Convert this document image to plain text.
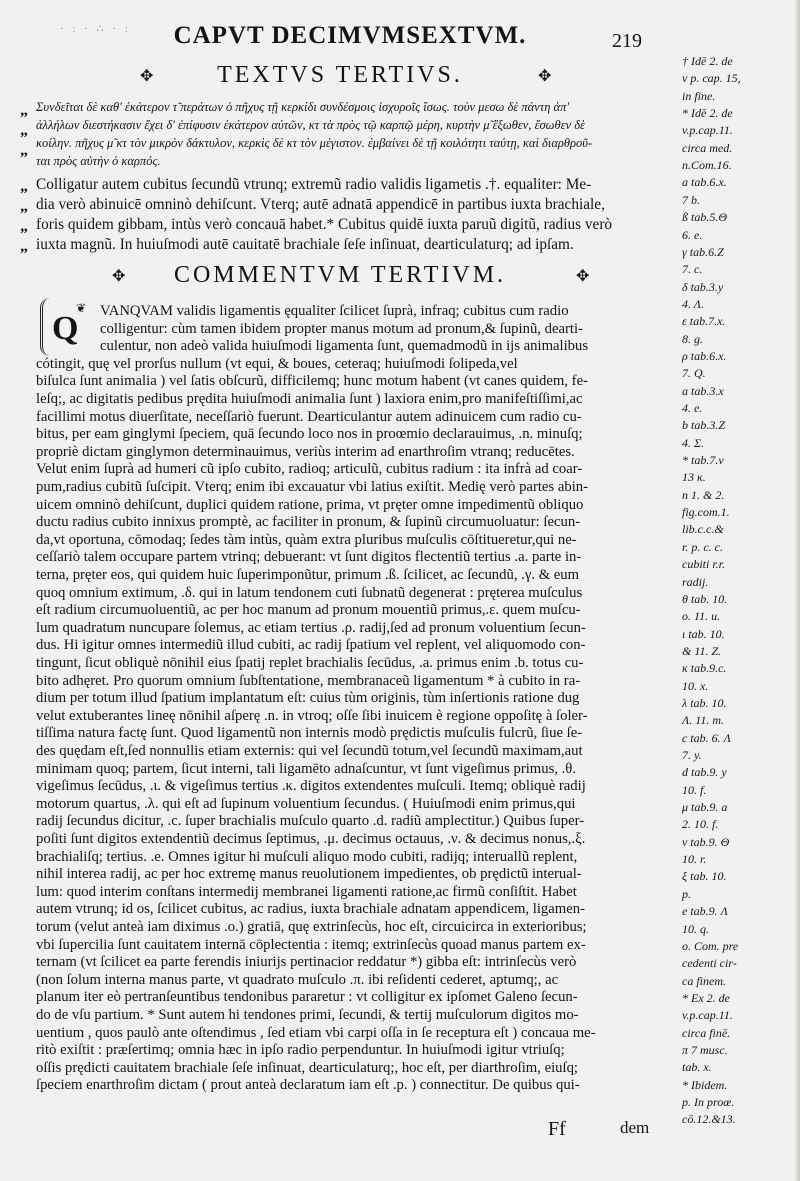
· : · ∴ · :	CAPVT DECIMVMSEXTVM.	219
✥	TEXTVS TERTIVS.	✥
„
„
„
Συνδεῖται δὲ καθ' ἑκάτερον τ̃ περάτων ὁ πῆχυς τῇ κερκίδι συνδέσμοις ἰσχυροῖς ἴσως. τοὺν μεσω δὲ πάντη ἀπ'
ἀλλήλων διεστήκασιν ἔχει δ' ἐπίφυσιν ἑκάτερον αὐτῶν, κτ τὰ πρὸς τῷ καρπῷ μέρη, κυρτὴν μ̃ ἔξωθεν, ἔσωθεν δὲ
κοίλην. πῆχυς μ̃ κτ τὸν μικρὸν δάκτυλον, κερκὶς δὲ κτ τὸν μέγιστον. ἐμβαίνει δὲ τῇ κοιλότητι ταύτῃ, καὶ διαρθροῦ-
ται πρὸς αὐτὴν ὁ καρπός.
„
„
„
„
Colligatur autem cubitus ſecundũ vtrunq; extremũ radio validis ligametis .†. equaliter: Me-
dia verò abinuicē omninò dehiſcunt. Vterq; autē adnatā appendicē in partibus iuxta brachiale,
foris quidem gibbam, intùs verò concauā habet.* Cubitus quidē iuxta paruũ digitũ, radius verò
iuxta magnũ. In huiuſmodi autē cauitatē brachiale ſeſe inſinuat, dearticulaturq; ad ipſam.
✥	COMMENTVM TERTIVM.	✥
Q
❦ VANQVAM validis ligamentis ęqualiter ſcilicet ſuprà, infraq; cubitus cum radio
colligentur: cùm tamen ibidem propter manus motum ad pronum,& ſupinũ, dearti-
culentur, non adeò valida huiuſmodi ligamenta ſunt, quemadmodũ in ijs animalibus
cótingit, quę vel prorſus nullum (vt equi, & boues, ceteraq; huiuſmodi ſolipeda,vel
biſulca ſunt animalia ) vel ſatis obſcurũ, difficilemq; hunc motum habent (vt canes quidem, fe-
leſq;, ac digitatis pedibus prędita huiuſmodi animalia ſunt ) laxiora enim,pro manifeſtiſſimi,ac
facillimi motus diuerſitate, neceſſariò fuerunt. Dearticulantur autem adinuicem cum radio cu-
bitus, per eam ginglymi ſpeciem, quā ſecundo loco nos in proœmio declarauimus, .n. minuſq;
propriè dictam ginglymon determinauimus, veriùs interim ad enarthroſim vtranq; reducētes.
Velut enim ſuprà ad humeri cũ ipſo cubito, radioq; articulũ, cubitus radium : ita infrà ad coar-
pum,radius cubitũ ſuſcipit. Vterq; enim ibi excauatur vbi latius exiſtit. Medię verò partes abin-
uicem omninò dehiſcunt, duplici quidem ratione, prima, vt pręter omne impedimentũ obliquo
ductu radius cubito innixus promptè, ac faciliter in pronum, & ſupinũ circumuoluatur: ſecun-
da,vt oportuna, cōmodaq; ſedes tàm intùs, quàm extra pluribus muſculis cōſtitueretur,qui ne-
ceſſariò talem occupare partem vtrinq; debuerant: vt ſunt digitos flectentiũ tertius .a. parte in-
terna, pręter eos, qui quidem huic ſuperimponũtur, primum .ß. ſcilicet, ac ſecundũ, .γ. & eum
quoq omnium extimum, .δ. qui in latum tendonem cuti ſubnatũ degenerat : pręterea muſculus
eſt radium circumuoluentiũ, ac per hoc manum ad pronum mouentiũ primus,.ε. quem muſcu-
lum quadratum nuncupare ſolemus, ac etiam tertius .ρ. radij,ſed ad pronum voluentium ſecun-
dus. Hi igitur omnes intermediũ illud cubiti, ac radij ſpatium vel replent, vel aliquomodo con-
tingunt, ſicut obliquè nōnihil eius ſpatij replet brachialis ſecūdus, .a. primus enim .b. totus cu-
bito adhęret. Pro quorum omnium ſubſtentatione, membranaceũ ligamentum * à cubito in ra-
dium per totum illud ſpatium implantatum eſt: cuius tùm originis, tùm inſertionis ratione dug
velut extuberantes lineę nōnihil aſperę .n. in vtroq; oſſe ſibi inuicem è regione oppoſitę à ſoler-
tiſſima natura factę ſunt. Quod ligamentũ non internis modò prędictis muſculis fulcrũ, ſiue ſe-
des quędam eſt,ſed nonnullis etiam externis: qui vel ſecundũ totum,vel ſecundũ maximam,aut
minimam quoq; partem, ſicut interni, tali ligamēto adnaſcuntur, vt ſunt vigeſimus primus, .θ.
vigeſimus ſecūdus, .ι. & vigeſimus tertius .κ. digitos extendentes muſculi. Itemq; obliquè radij
motorum quartus, .λ. qui eſt ad ſupinum voluentium ſecundus. ( Huiuſmodi enim primus,qui
radij ſecundus dicitur, .c. ſuper brachialis muſculo quarto .d. radiũ amplectitur.) Quibus ſuper-
poſiti ſunt digitos extendentiũ decimus ſeptimus, .μ. decimus octauus, .ν. & decimus nonus,.ξ.
brachialiſq; tertius. .e. Omnes igitur hi muſculi aliquo modo cubiti, radijq; interuallũ replent,
nihil interea radij, ac per hoc extremę manus reuolutionem impedientes, ob prędictũ interual-
lum: quod interim conſtans intermedij membranei ligamenti ratione,ac firmũ conſiſtit. Habet
autem vtrunq; id os, ſcilicet cubitus, ac radius, iuxta brachiale adnatam appendicem, ligamen-
torum (velut anteà iam diximus .o.) gratiā, quę extrinſecùs, hoc eſt, circuicirca in exterioribus;
vbi ſupercilia ſunt cauitatem internā cōplectentia : itemq; extrinſecùs quoad manus partem ex-
ternam (vt ſcilicet ea parte ferendis iniurijs pertinacior reddatur *) gibba eſt: intrinſecùs verò
(non ſolum interna manus parte, vt quadrato muſculo .π. ibi reſidenti cederet, aptumq;, ac
planum iter eò pertranſeuntibus tendonibus pararetur : vt colligitur ex ipſomet Galeno ſecun-
do de vſu partium. * Sunt autem hi tendones primi, ſecundi, & tertij muſculorum digitos mo-
uentium , quos paulò ante oſtendimus , ſed etiam vbi carpi oſſa in ſe recepturа eſt ) concaua me-
ritò exiſtit : præſertimq; omnia hæc in ipſo radio perpenduntur. In huiuſmodi igitur vtriuſq;
oſſis prędicti cauitatem brachiale ſeſe inſinuat, dearticulaturq;, hoc eſt, per diarthroſim, eiuſq;
ſpeciem enarthroſim dictam ( prout anteà declaratum iam eſt .p. ) connectitur. De quibus qui-
† Idē 2. de
v p. cap. 15,
in fine.
* Idē 2. de
v.p.cap.11.
circa med.
n.Com.16.
a tab.6.x.
7 b.
ß tab.5.Θ
6. e.
γ tab.6.Ζ
7. c.
δ tab.3.y
4. Λ.
ε tab.7.x.
8. g.
ρ tab.6.x.
7. Q.
a tab.3.x
4. e.
b tab.3.Ζ
4. Σ.
* tab.7.v
13 κ.
n 1. & 2.
fig.com.1.
lib.c.c.&
r. p. c. c.
cubiti r.r.
radij.
θ tab. 10.
o. 11. u.
ι tab. 10.
& 11. Ζ.
κ tab.9.c.
10. x.
λ tab. 10.
Λ. 11. m.
c tab. 6. Λ
7. y.
d tab.9. y
10. f.
μ tab.9. a
2. 10. f.
ν tab.9. Θ
10. r.
ξ tab. 10.
p.
e tab.9. Λ
10. q.
o. Com. pre
cedenti cir-
ca finem.
* Ex 2. de
v.p.cap.11.
circa finē.
π 7 musc.
tab. x.
* Ibidem.
p. In proœ.
cō.12.&13.
Ff	dem
